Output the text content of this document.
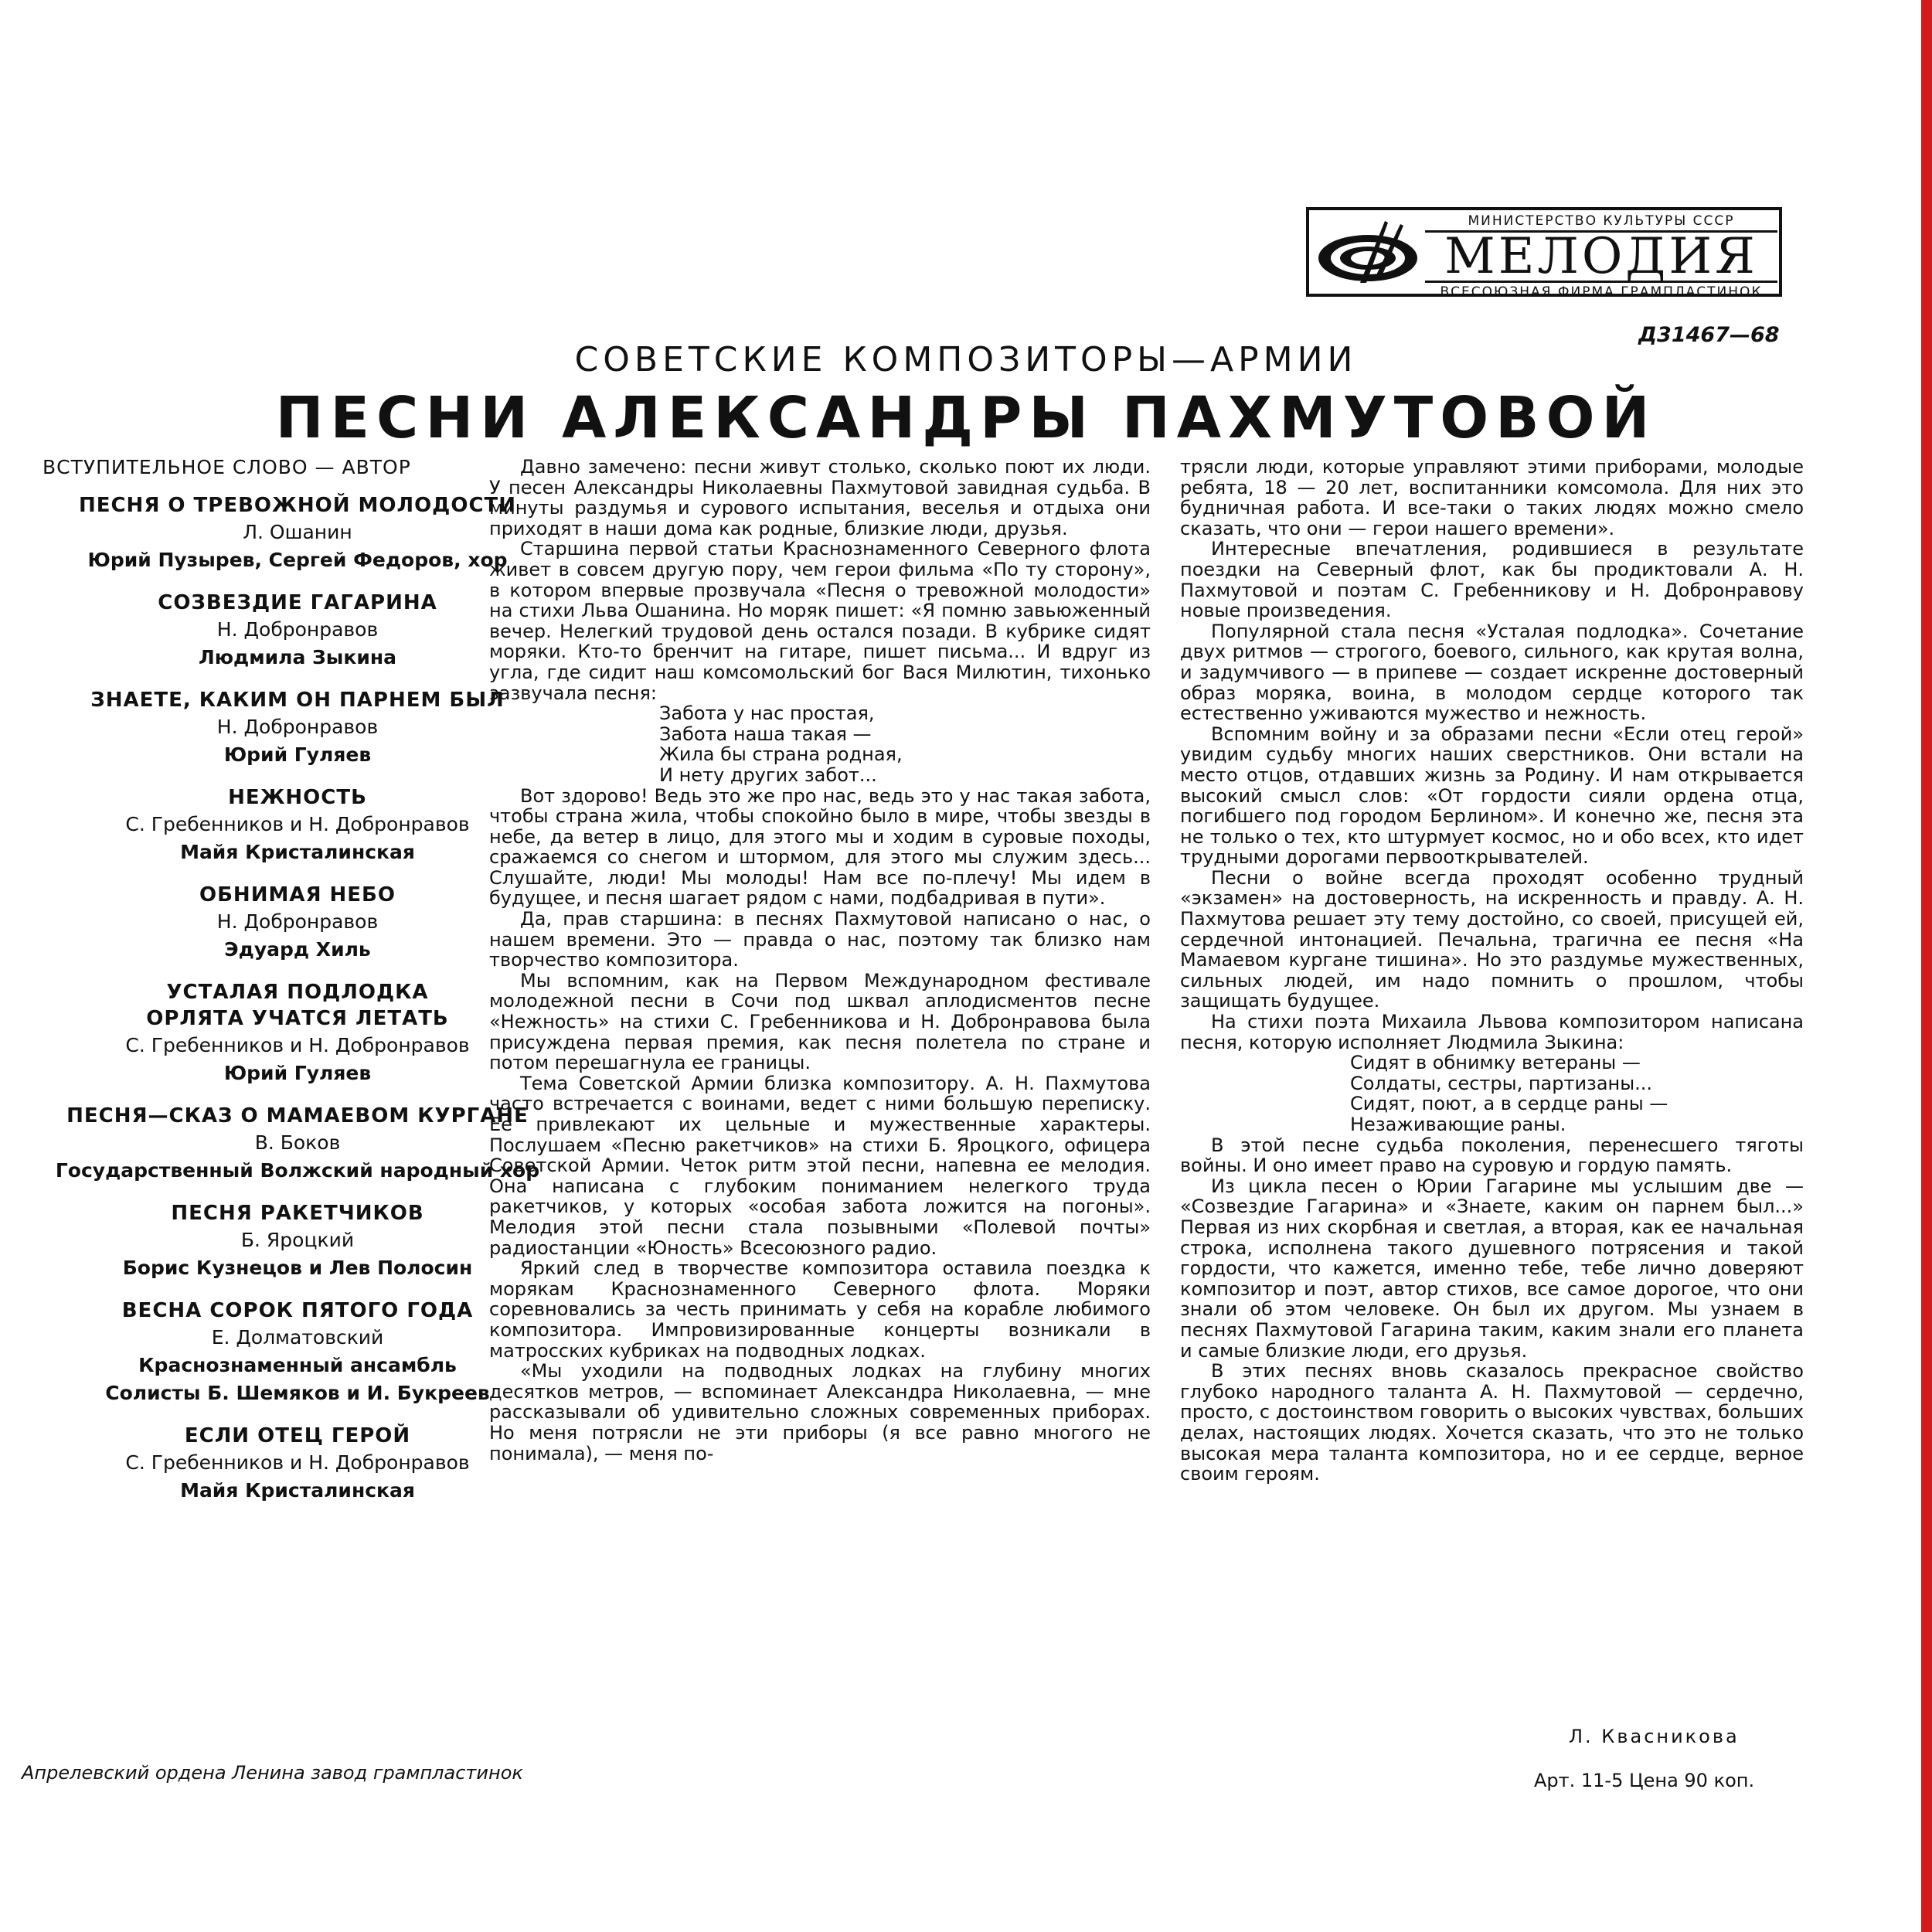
МИНИСТЕРСТВО КУЛЬТУРЫ СССР
МЕЛОДИЯ
ВСЕСОЮЗНАЯ ФИРМА ГРАМПЛАСТИНОК
Д31467—68
СОВЕТСКИЕ КОМПОЗИТОРЫ—АРМИИ
ПЕСНИ АЛЕКСАНДРЫ ПАХМУТОВОЙ
ВСТУПИТЕЛЬНОЕ СЛОВО — АВТОР
ПЕСНЯ О ТРЕВОЖНОЙ МОЛОДОСТИ
Л. Ошанин
Юрий Пузырев, Сергей Федоров, хор
СОЗВЕЗДИЕ ГАГАРИНА
Н. Добронравов
Людмила Зыкина
ЗНАЕТЕ, КАКИМ ОН ПАРНЕМ БЫЛ
Н. Добронравов
Юрий Гуляев
НЕЖНОСТЬ
С. Гребенников и Н. Добронравов
Майя Кристалинская
ОБНИМАЯ НЕБО
Н. Добронравов
Эдуард Хиль
УСТАЛАЯ ПОДЛОДКА
ОРЛЯТА УЧАТСЯ ЛЕТАТЬ
С. Гребенников и Н. Добронравов
Юрий Гуляев
ПЕСНЯ—СКАЗ О МАМАЕВОМ КУРГАНЕ
В. Боков
Государственный Волжский народный хор
ПЕСНЯ РАКЕТЧИКОВ
Б. Яроцкий
Борис Кузнецов и Лев Полосин
ВЕСНА СОРОК ПЯТОГО ГОДА
Е. Долматовский
Краснознаменный ансамбль
Солисты Б. Шемяков и И. Букреев
ЕСЛИ ОТЕЦ ГЕРОЙ
С. Гребенников и Н. Добронравов
Майя Кристалинская

Давно замечено: песни живут столько, сколько поют их люди. У песен Александры Николаевны Пахмутовой завидная судьба. В минуты раздумья и сурового испытания, веселья и отдыха они приходят в наши дома как родные, близкие люди, друзья.

Старшина первой статьи Краснознаменного Северного флота живет в совсем другую пору, чем герои фильма «По ту сторону», в котором впервые прозвучала «Песня о тревожной молодости» на стихи Льва Ошанина. Но моряк пишет: «Я помню завьюженный вечер. Нелегкий трудовой день остался позади. В кубрике сидят моряки. Кто-то бренчит на гитаре, пишет письма... И вдруг из угла, где сидит наш комсомольский бог Вася Милютин, тихонько зазвучала песня:

Забота у нас простая,

Забота наша такая —

Жила бы страна родная,

И нету других забот...

Вот здорово! Ведь это же про нас, ведь это у нас такая забота, чтобы страна жила, чтобы спокойно было в мире, чтобы звезды в небе, да ветер в лицо, для этого мы и ходим в суровые походы, сражаемся со снегом и штормом, для этого мы служим здесь... Слушайте, люди! Мы молоды! Нам все по-плечу! Мы идем в будущее, и песня шагает рядом с нами, подбадривая в пути».

Да, прав старшина: в песнях Пахмутовой написано о нас, о нашем времени. Это — правда о нас, поэтому так близко нам творчество композитора.

Мы вспомним, как на Первом Международном фестивале молодежной песни в Сочи под шквал аплодисментов песне «Нежность» на стихи С. Гребенникова и Н. Добронравова была присуждена первая премия, как песня полетела по стране и потом перешагнула ее границы.

Тема Советской Армии близка композитору. А. Н. Пахмутова часто встречается с воинами, ведет с ними большую переписку. Ее привлекают их цельные и мужественные характеры. Послушаем «Песню ракетчиков» на стихи Б. Яроцкого, офицера Советской Армии. Четок ритм этой песни, напевна ее мелодия. Она написана с глубоким пониманием нелегкого труда ракетчиков, у которых «особая забота ложится на погоны». Мелодия этой песни стала позывными «Полевой почты» радиостанции «Юность» Всесоюзного радио.

Яркий след в творчестве композитора оставила поездка к морякам Краснознаменного Северного флота. Моряки соревновались за честь принимать у себя на корабле любимого композитора. Импровизированные концерты возникали в матросских кубриках на подводных лодках.

«Мы уходили на подводных лодках на глубину многих десятков метров, — вспоминает Александра Николаевна, — мне рассказывали об удивительно сложных современных приборах. Но меня потрясли не эти приборы (я все равно многого не понимала), — меня по-

трясли люди, которые управляют этими приборами, молодые ребята, 18 — 20 лет, воспитанники комсомола. Для них это будничная работа. И все-таки о таких людях можно смело сказать, что они — герои нашего времени».

Интересные впечатления, родившиеся в результате поездки на Северный флот, как бы продиктовали А. Н. Пахмутовой и поэтам С. Гребенникову и Н. Добронравову новые произведения.

Популярной стала песня «Усталая подлодка». Сочетание двух ритмов — строгого, боевого, сильного, как крутая волна, и задумчивого — в припеве — создает искренне достоверный образ моряка, воина, в молодом сердце которого так естественно уживаются мужество и нежность.

Вспомним войну и за образами песни «Если отец герой» увидим судьбу многих наших сверстников. Они встали на место отцов, отдавших жизнь за Родину. И нам открывается высокий смысл слов: «От гордости сияли ордена отца, погибшего под городом Берлином». И конечно же, песня эта не только о тех, кто штурмует космос, но и обо всех, кто идет трудными дорогами первооткрывателей.

Песни о войне всегда проходят особенно трудный «экзамен» на достоверность, на искренность и правду. А. Н. Пахмутова решает эту тему достойно, со своей, присущей ей, сердечной интонацией. Печальна, трагична ее песня «На Мамаевом кургане тишина». Но это раздумье мужественных, сильных людей, им надо помнить о прошлом, чтобы защищать будущее.

На стихи поэта Михаила Львова композитором написана песня, которую исполняет Людмила Зыкина:

Сидят в обнимку ветераны —

Солдаты, сестры, партизаны...

Сидят, поют, а в сердце раны —

Незаживающие раны.

В этой песне судьба поколения, перенесшего тяготы войны. И оно имеет право на суровую и гордую память.

Из цикла песен о Юрии Гагарине мы услышим две — «Созвездие Гагарина» и «Знаете, каким он парнем был...» Первая из них скорбная и светлая, а вторая, как ее начальная строка, исполнена такого душевного потрясения и такой гордости, что кажется, именно тебе, тебе лично доверяют композитор и поэт, автор стихов, все самое дорогое, что они знали об этом человеке. Он был их другом. Мы узнаем в песнях Пахмутовой Гагарина таким, каким знали его планета и самые близкие люди, его друзья.

В этих песнях вновь сказалось прекрасное свойство глубоко народного таланта А. Н. Пахмутовой — сердечно, просто, с достоинством говорить о высоких чувствах, больших делах, настоящих людях. Хочется сказать, что это не только высокая мера таланта композитора, но и ее сердце, верное своим героям.

Л. Квасникова
Апрелевский ордена Ленина завод грампластинок	Арт. 11-5 Цена 90 коп.
